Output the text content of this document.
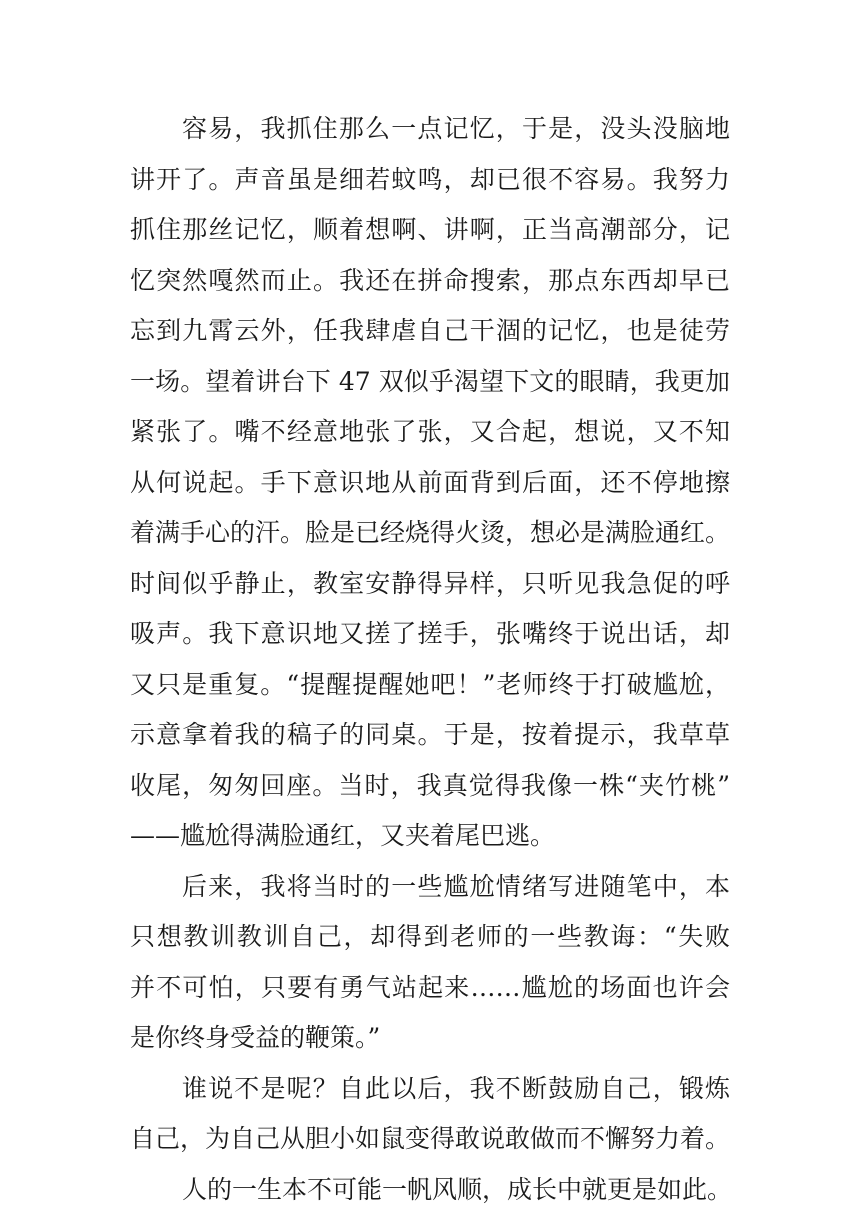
容易，我抓住那么一点记忆，于是，没头没脑地
讲开了。声音虽是细若蚊鸣，却已很不容易。我努力
抓住那丝记忆，顺着想啊、讲啊，正当高潮部分，记
忆突然嘎然而止。我还在拼命搜索，那点东西却早已
忘到九霄云外，任我肆虐自己干涸的记忆，也是徒劳
一场。望着讲台下 47 双似乎渴望下文的眼睛，我更加
紧张了。嘴不经意地张了张，又合起，想说，又不知
从何说起。手下意识地从前面背到后面，还不停地擦
着满手心的汗。脸是已经烧得火烫，想必是满脸通红。
时间似乎静止，教室安静得异样，只听见我急促的呼
吸声。我下意识地又搓了搓手，张嘴终于说出话，却
又只是重复。“提醒提醒她吧！”老师终于打破尴尬，
示意拿着我的稿子的同桌。于是，按着提示，我草草
收尾，匆匆回座。当时，我真觉得我像一株“夹竹桃”
——尴尬得满脸通红，又夹着尾巴逃。
后来，我将当时的一些尴尬情绪写进随笔中，本
只想教训教训自己，却得到老师的一些教诲：“失败
并不可怕，只要有勇气站起来……尴尬的场面也许会
是你终身受益的鞭策。”
谁说不是呢？自此以后，我不断鼓励自己，锻炼
自己，为自己从胆小如鼠变得敢说敢做而不懈努力着。
人的一生本不可能一帆风顺，成长中就更是如此。
